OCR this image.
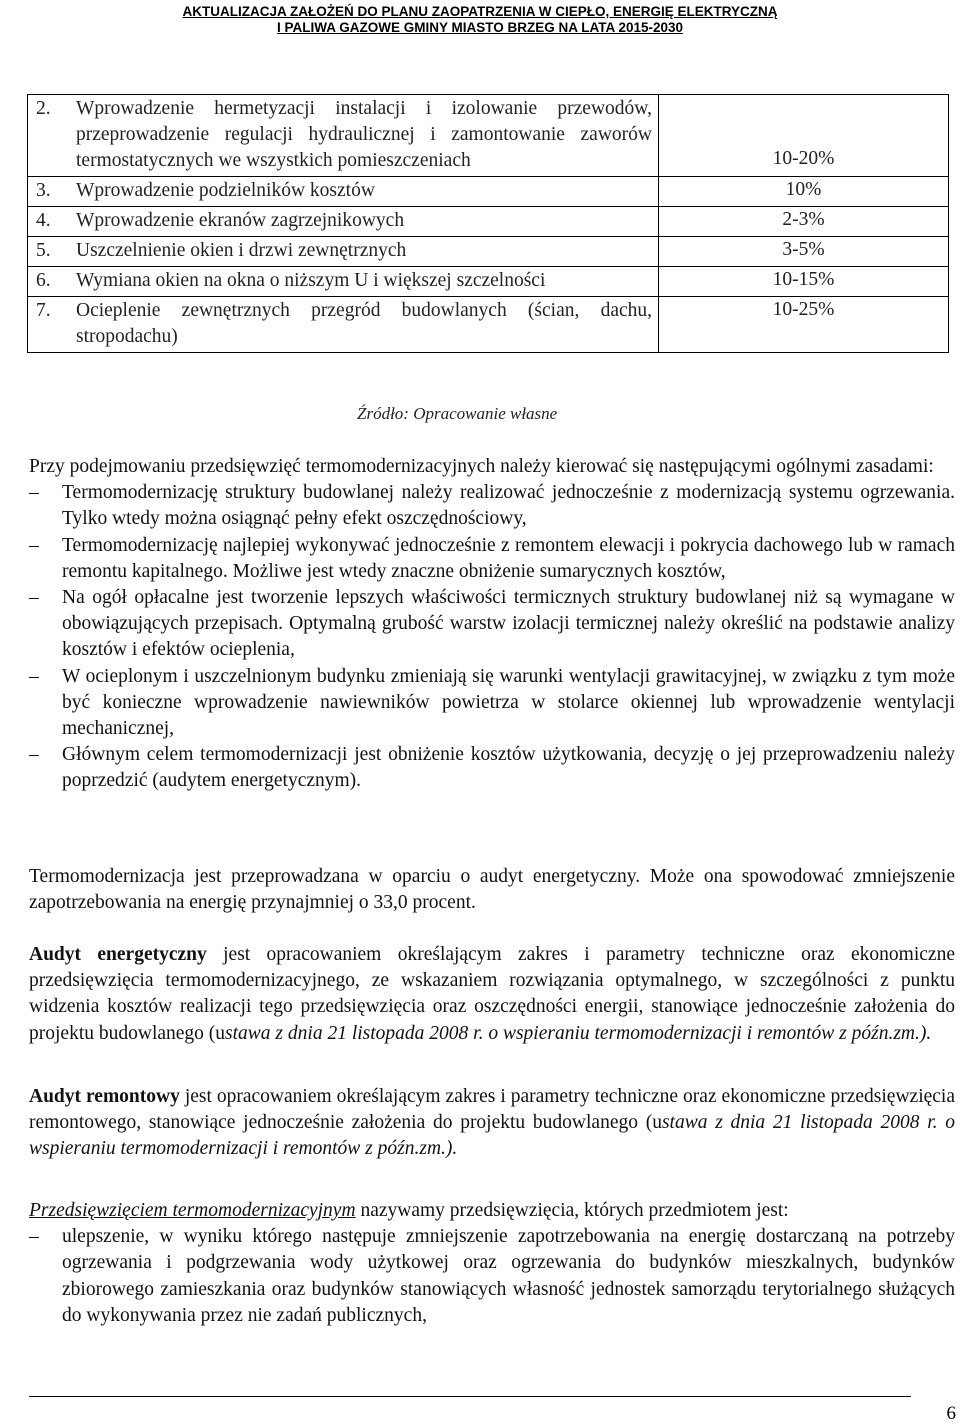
AKTUALIZACJA ZAŁOŻEŃ DO PLANU ZAOPATRZENIA W CIEPŁO, ENERGIĘ ELEKTRYCZNĄ
I PALIWA GAZOWE GMINY MIASTO BRZEG NA LATA 2015-2030
2. Wprowadzenie hermetyzacji instalacji i izolowanie przewodów, przeprowadzenie regulacji hydraulicznej i zamontowanie zaworów termostatycznych we wszystkich pomieszczeniach	10-20%

3. Wprowadzenie podzielników kosztów	10%

4. Wprowadzenie ekranów zagrzejnikowych	2-3%

5. Uszczelnienie okien i drzwi zewnętrznych	3-5%

6. Wymiana okien na okna o niższym U i większej szczelności	10-15%

7. Ocieplenie zewnętrznych przegród budowlanych (ścian, dachu, stropodachu)	10-25%
Źródło: Opracowanie własne
Przy podejmowaniu przedsięwzięć termomodernizacyjnych należy kierować się następującymi ogólnymi zasadami:
–	Termomodernizację struktury budowlanej należy realizować jednocześnie z modernizacją systemu ogrzewania. Tylko wtedy można osiągnąć pełny efekt oszczędnościowy,
–	Termomodernizację najlepiej wykonywać jednocześnie z remontem elewacji i pokrycia dachowego lub w ramach remontu kapitalnego. Możliwe jest wtedy znaczne obniżenie sumarycznych kosztów,
–	Na ogół opłacalne jest tworzenie lepszych właściwości termicznych struktury budowlanej niż są wymagane w obowiązujących przepisach. Optymalną grubość warstw izolacji termicznej należy określić na podstawie analizy kosztów i efektów ocieplenia,
–	W ocieplonym i uszczelnionym budynku zmieniają się warunki wentylacji grawitacyjnej, w związku z tym może być konieczne wprowadzenie nawiewników powietrza w stolarce okiennej lub wprowadzenie wentylacji mechanicznej,
–	Głównym celem termomodernizacji jest obniżenie kosztów użytkowania, decyzję o jej przeprowadzeniu należy poprzedzić (audytem energetycznym).
Termomodernizacja jest przeprowadzana w oparciu o audyt energetyczny. Może ona spowodować zmniejszenie zapotrzebowania na energię przynajmniej o 33,0 procent.
Audyt energetyczny jest opracowaniem określającym zakres i parametry techniczne oraz ekonomiczne przedsięwzięcia termomodernizacyjnego, ze wskazaniem rozwiązania optymalnego, w szczególności z punktu widzenia kosztów realizacji tego przedsięwzięcia oraz oszczędności energii, stanowiące jednocześnie założenia do projektu budowlanego (ustawa z dnia 21 listopada 2008 r. o wspieraniu termomodernizacji i remontów z późn.zm.).
Audyt remontowy jest opracowaniem określającym zakres i parametry techniczne oraz ekonomiczne przedsięwzięcia remontowego, stanowiące jednocześnie założenia do projektu budowlanego (ustawa z dnia 21 listopada 2008 r. o wspieraniu termomodernizacji i remontów z późn.zm.).
Przedsięwzięciem termomodernizacyjnym nazywamy przedsięwzięcia, których przedmiotem jest:
–	ulepszenie, w wyniku którego następuje zmniejszenie zapotrzebowania na energię dostarczaną na potrzeby ogrzewania i podgrzewania wody użytkowej oraz ogrzewania do budynków mieszkalnych, budynków zbiorowego zamieszkania oraz budynków stanowiących własność jednostek samorządu terytorialnego służących do wykonywania przez nie zadań publicznych,
6
